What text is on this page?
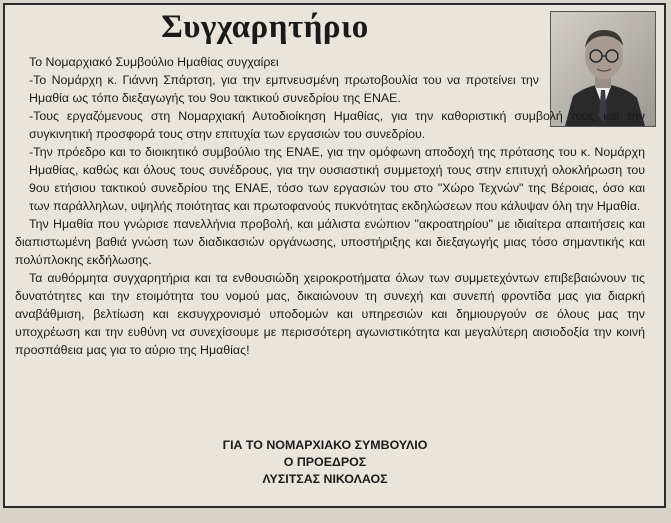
Συγχαρητήριο

Το Νομαρχιακό Συμβούλιο Ημαθίας συγχαίρει

-Το Νομάρχη κ. Γιάννη Σπάρτση, για την εμπνευσμένη πρωτοβουλία του να προτείνει την Ημαθία ως τόπο διεξαγωγής του 9ου τακτικού συνεδρίου της ΕΝΑΕ.

-Τους εργαζόμενους στη Νομαρχιακή Αυτοδιοίκηση Ημαθίας, για την καθοριστική συμβολή τους και την συγκινητική προσφορά τους στην επιτυχία των εργασιών του συνεδρίου.

-Την πρόεδρο και το διοικητικό συμβούλιο της ΕΝΑΕ, για την ομόφωνη αποδοχή της πρότασης του κ. Νομάρχη Ημαθίας, καθώς και όλους τους συνέδρους, για την ουσιαστική συμμετοχή τους στην επιτυχή ολοκλήρωση του 9ου ετήσιου τακτικού συνεδρίου της ΕΝΑΕ, τόσο των εργασιών του στο "Χώρο Τεχνών" της Βέροιας, όσο και των παράλληλων, υψηλής ποιότητας και πρωτοφανούς πυκνότητας εκδηλώσεων που κάλυψαν όλη την Ημαθία.

Την Ημαθία που γνώρισε πανελλήνια προβολή, και μάλιστα ενώπιον "ακροατηρίου" με ιδιαίτερα απαιτήσεις και διαπιστωμένη βαθιά γνώση των διαδικασιών οργάνωσης, υποστήριξης και διεξαγωγής μιας τόσο σημαντικής και πολύπλοκης εκδήλωσης.

Τα αυθόρμητα συγχαρητήρια και τα ενθουσιώδη χειροκροτήματα όλων των συμμετεχόντων επιβεβαιώνουν τις δυνατότητες και την ετοιμότητα του νομού μας, δικαιώνουν τη συνεχή και συνεπή φροντίδα μας για διαρκή αναβάθμιση, βελτίωση και εκσυγχρονισμό υποδομών και υπηρεσιών και δημιουργούν σε όλους μας την υποχρέωση και την ευθύνη να συνεχίσουμε με περισσότερη αγωνιστικότητα και μεγαλύτερη αισιοδοξία την κοινή προσπάθεια μας για το αύριο της Ημαθίας!

ΓΙΑ ΤΟ ΝΟΜΑΡΧΙΑΚΟ ΣΥΜΒΟΥΛΙΟ
Ο ΠΡΟΕΔΡΟΣ
ΛΥΣΙΤΣΑΣ ΝΙΚΟΛΑΟΣ
